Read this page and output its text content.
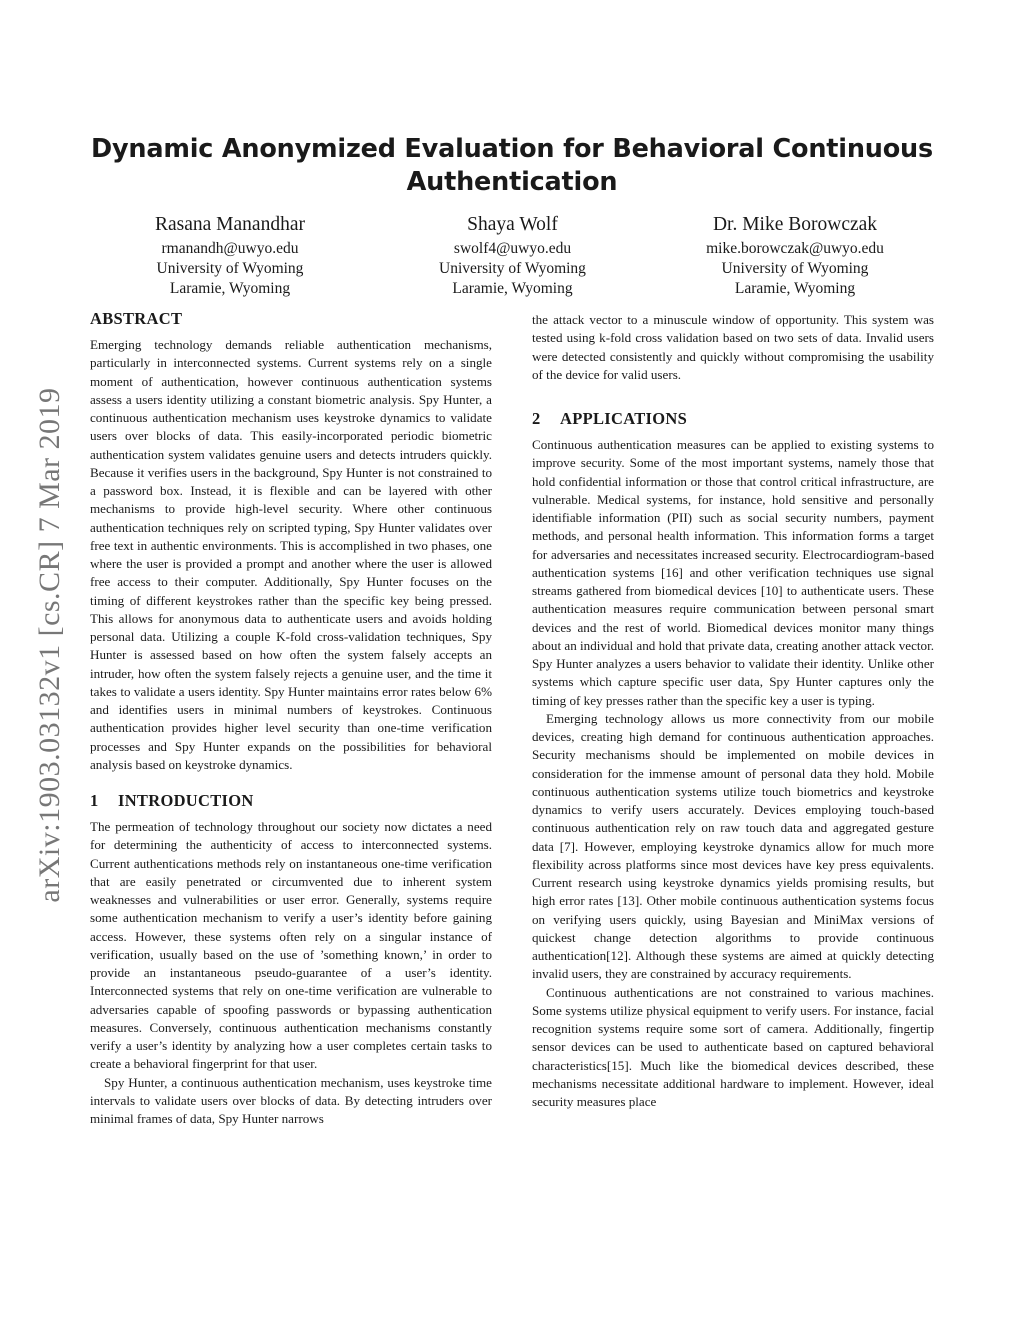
Dynamic Anonymized Evaluation for Behavioral Continuous Authentication
Rasana Manandhar
rmanandh@uwyo.edu
University of Wyoming
Laramie, Wyoming
Shaya Wolf
swolf4@uwyo.edu
University of Wyoming
Laramie, Wyoming
Dr. Mike Borowczak
mike.borowczak@uwyo.edu
University of Wyoming
Laramie, Wyoming
arXiv:1903.03132v1 [cs.CR] 7 Mar 2019
ABSTRACT

Emerging technology demands reliable authentication mechanisms, particularly in interconnected systems. Current systems rely on a single moment of authentication, however continuous authentication systems assess a users identity utilizing a constant biometric analysis. Spy Hunter, a continuous authentication mechanism uses keystroke dynamics to validate users over blocks of data. This easily-incorporated periodic biometric authentication system validates genuine users and detects intruders quickly. Because it verifies users in the background, Spy Hunter is not constrained to a password box. Instead, it is flexible and can be layered with other mechanisms to provide high-level security. Where other continuous authentication techniques rely on scripted typing, Spy Hunter validates over free text in authentic environments. This is accomplished in two phases, one where the user is provided a prompt and another where the user is allowed free access to their computer. Additionally, Spy Hunter focuses on the timing of different keystrokes rather than the specific key being pressed. This allows for anonymous data to authenticate users and avoids holding personal data. Utilizing a couple K-fold cross-validation techniques, Spy Hunter is assessed based on how often the system falsely accepts an intruder, how often the system falsely rejects a genuine user, and the time it takes to validate a users identity. Spy Hunter maintains error rates below 6% and identifies users in minimal numbers of keystrokes. Continuous authentication provides higher level security than one-time verification processes and Spy Hunter expands on the possibilities for behavioral analysis based on keystroke dynamics.

1 INTRODUCTION

The permeation of technology throughout our society now dictates a need for determining the authenticity of access to interconnected systems. Current authentications methods rely on instantaneous one-time verification that are easily penetrated or circumvented due to inherent system weaknesses and vulnerabilities or user error. Generally, systems require some authentication mechanism to verify a user’s identity before gaining access. However, these systems often rely on a singular instance of verification, usually based on the use of ’something known,’ in order to provide an instantaneous pseudo-guarantee of a user’s identity. Interconnected systems that rely on one-time verification are vulnerable to adversaries capable of spoofing passwords or bypassing authentication measures. Conversely, continuous authentication mechanisms constantly verify a user’s identity by analyzing how a user completes certain tasks to create a behavioral fingerprint for that user.

Spy Hunter, a continuous authentication mechanism, uses keystroke time intervals to validate users over blocks of data. By detecting intruders over minimal frames of data, Spy Hunter narrows

the attack vector to a minuscule window of opportunity. This system was tested using k-fold cross validation based on two sets of data. Invalid users were detected consistently and quickly without compromising the usability of the device for valid users.

2 APPLICATIONS

Continuous authentication measures can be applied to existing systems to improve security. Some of the most important systems, namely those that hold confidential information or those that control critical infrastructure, are vulnerable. Medical systems, for instance, hold sensitive and personally identifiable information (PII) such as social security numbers, payment methods, and personal health information. This information forms a target for adversaries and necessitates increased security. Electrocardiogram-based authentication systems [16] and other verification techniques use signal streams gathered from biomedical devices [10] to authenticate users. These authentication measures require communication between personal smart devices and the rest of world. Biomedical devices monitor many things about an individual and hold that private data, creating another attack vector. Spy Hunter analyzes a users behavior to validate their identity. Unlike other systems which capture specific user data, Spy Hunter captures only the timing of key presses rather than the specific key a user is typing.

Emerging technology allows us more connectivity from our mobile devices, creating high demand for continuous authentication approaches. Security mechanisms should be implemented on mobile devices in consideration for the immense amount of personal data they hold. Mobile continuous authentication systems utilize touch biometrics and keystroke dynamics to verify users accurately. Devices employing touch-based continuous authentication rely on raw touch data and aggregated gesture data [7]. However, employing keystroke dynamics allow for much more flexibility across platforms since most devices have key press equivalents. Current research using keystroke dynamics yields promising results, but high error rates [13]. Other mobile continuous authentication systems focus on verifying users quickly, using Bayesian and MiniMax versions of quickest change detection algorithms to provide continuous authentication[12]. Although these systems are aimed at quickly detecting invalid users, they are constrained by accuracy requirements.

Continuous authentications are not constrained to various machines. Some systems utilize physical equipment to verify users. For instance, facial recognition systems require some sort of camera. Additionally, fingertip sensor devices can be used to authenticate based on captured behavioral characteristics[15]. Much like the biomedical devices described, these mechanisms necessitate additional hardware to implement. However, ideal security measures place
